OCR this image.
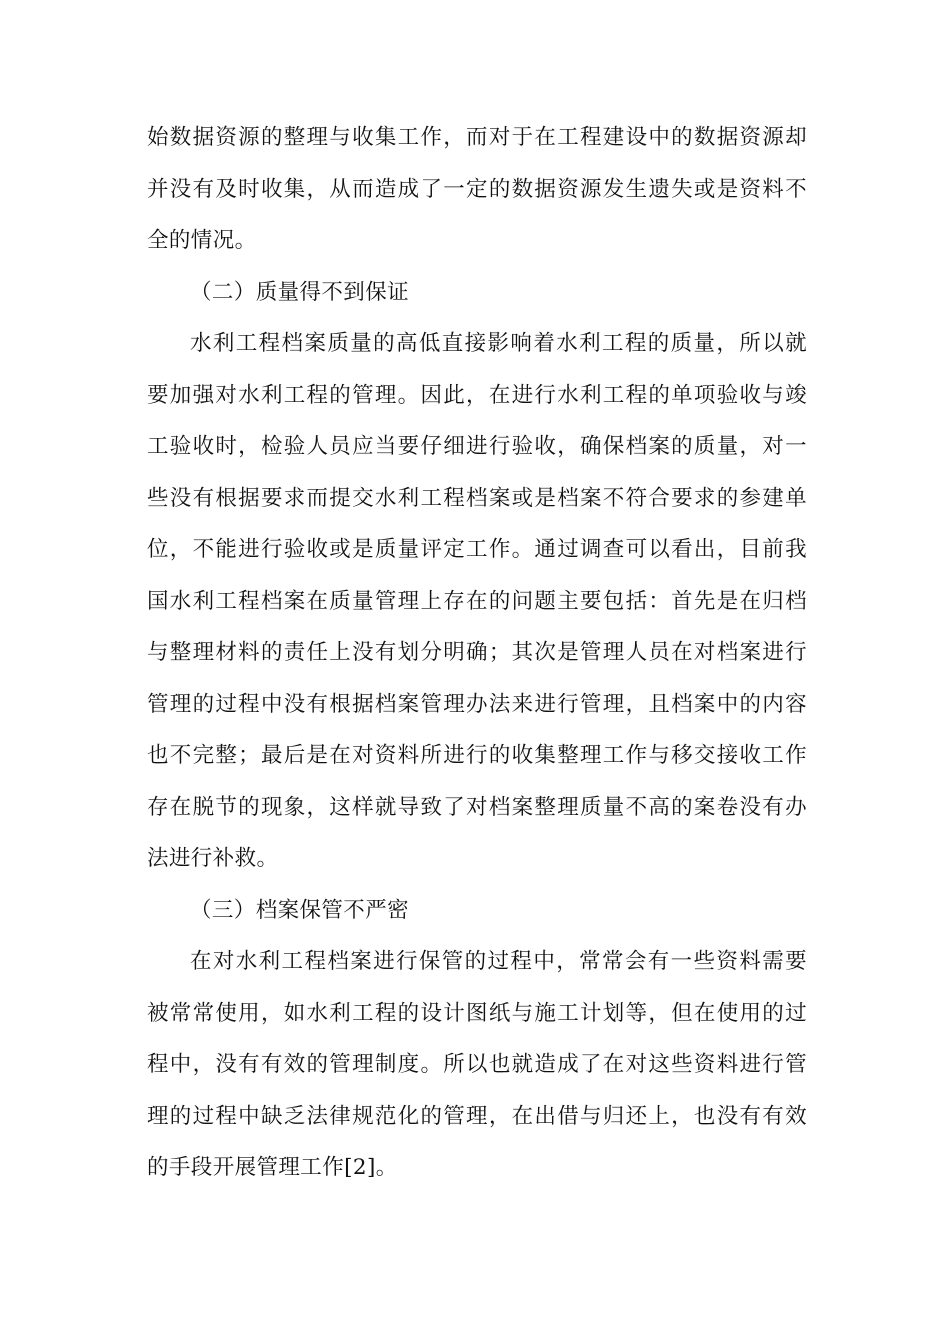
始数据资源的整理与收集工作，而对于在工程建设中的数据资源却
并没有及时收集，从而造成了一定的数据资源发生遗失或是资料不
全的情况。
（二）质量得不到保证
水利工程档案质量的高低直接影响着水利工程的质量，所以就
要加强对水利工程的管理。因此，在进行水利工程的单项验收与竣
工验收时，检验人员应当要仔细进行验收，确保档案的质量，对一
些没有根据要求而提交水利工程档案或是档案不符合要求的参建单
位，不能进行验收或是质量评定工作。通过调查可以看出，目前我
国水利工程档案在质量管理上存在的问题主要包括：首先是在归档
与整理材料的责任上没有划分明确；其次是管理人员在对档案进行
管理的过程中没有根据档案管理办法来进行管理，且档案中的内容
也不完整；最后是在对资料所进行的收集整理工作与移交接收工作
存在脱节的现象，这样就导致了对档案整理质量不高的案卷没有办
法进行补救。
（三）档案保管不严密
在对水利工程档案进行保管的过程中，常常会有一些资料需要
被常常使用，如水利工程的设计图纸与施工计划等，但在使用的过
程中，没有有效的管理制度。所以也就造成了在对这些资料进行管
理的过程中缺乏法律规范化的管理，在出借与归还上，也没有有效
的手段开展管理工作[2]。
